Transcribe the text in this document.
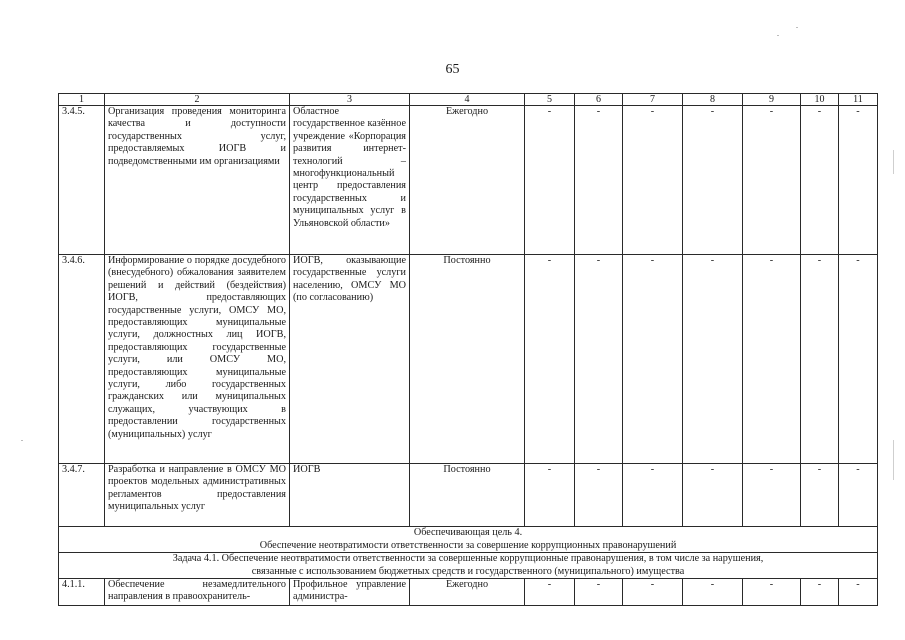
65
1	2	3	4	5	6	7	8	9	10	11
3.4.5.	Организация проведения мониторинга качества и доступности государственных услуг, предоставляемых ИОГВ и подведомственными им организациями	Областное государственное казённое учреждение «Корпорация развития интернет-технологий – многофункциональный центр предоставления государственных и муниципальных услуг в Ульяновской области»	Ежегодно	-	-	-	-	-	-	-
3.4.6.	Информирование о порядке досудебного (внесудебного) обжалования заявителем решений и действий (бездействия) ИОГВ, предоставляющих государственные услуги, ОМСУ МО, предоставляющих муниципальные услуги, должностных лиц ИОГВ, предоставляющих государственные услуги, или ОМСУ МО, предоставляющих муниципальные услуги, либо государственных гражданских или муниципальных служащих, участвующих в предоставлении государственных (муниципальных) услуг	ИОГВ, оказывающие государственные услуги населению, ОМСУ МО (по согласованию)	Постоянно	-	-	-	-	-	-	-
3.4.7.	Разработка и направление в ОМСУ МО проектов модельных административных регламентов предоставления муниципальных услуг	ИОГВ	Постоянно	-	-	-	-	-	-	-

Обеспечивающая цель 4.
Обеспечение неотвратимости ответственности за совершение коррупционных правонарушений										

Задача 4.1. Обеспечение неотвратимости ответственности за совершенные коррупционные правонарушения, в том числе за нарушения,
связанные с использованием бюджетных средств и государственного (муниципального) имущества										

4.1.1.	Обеспечение незамедлительного направления в правоохранитель-	Профильное управление администра-	Ежегодно	-	-	-	-	-	-	-
